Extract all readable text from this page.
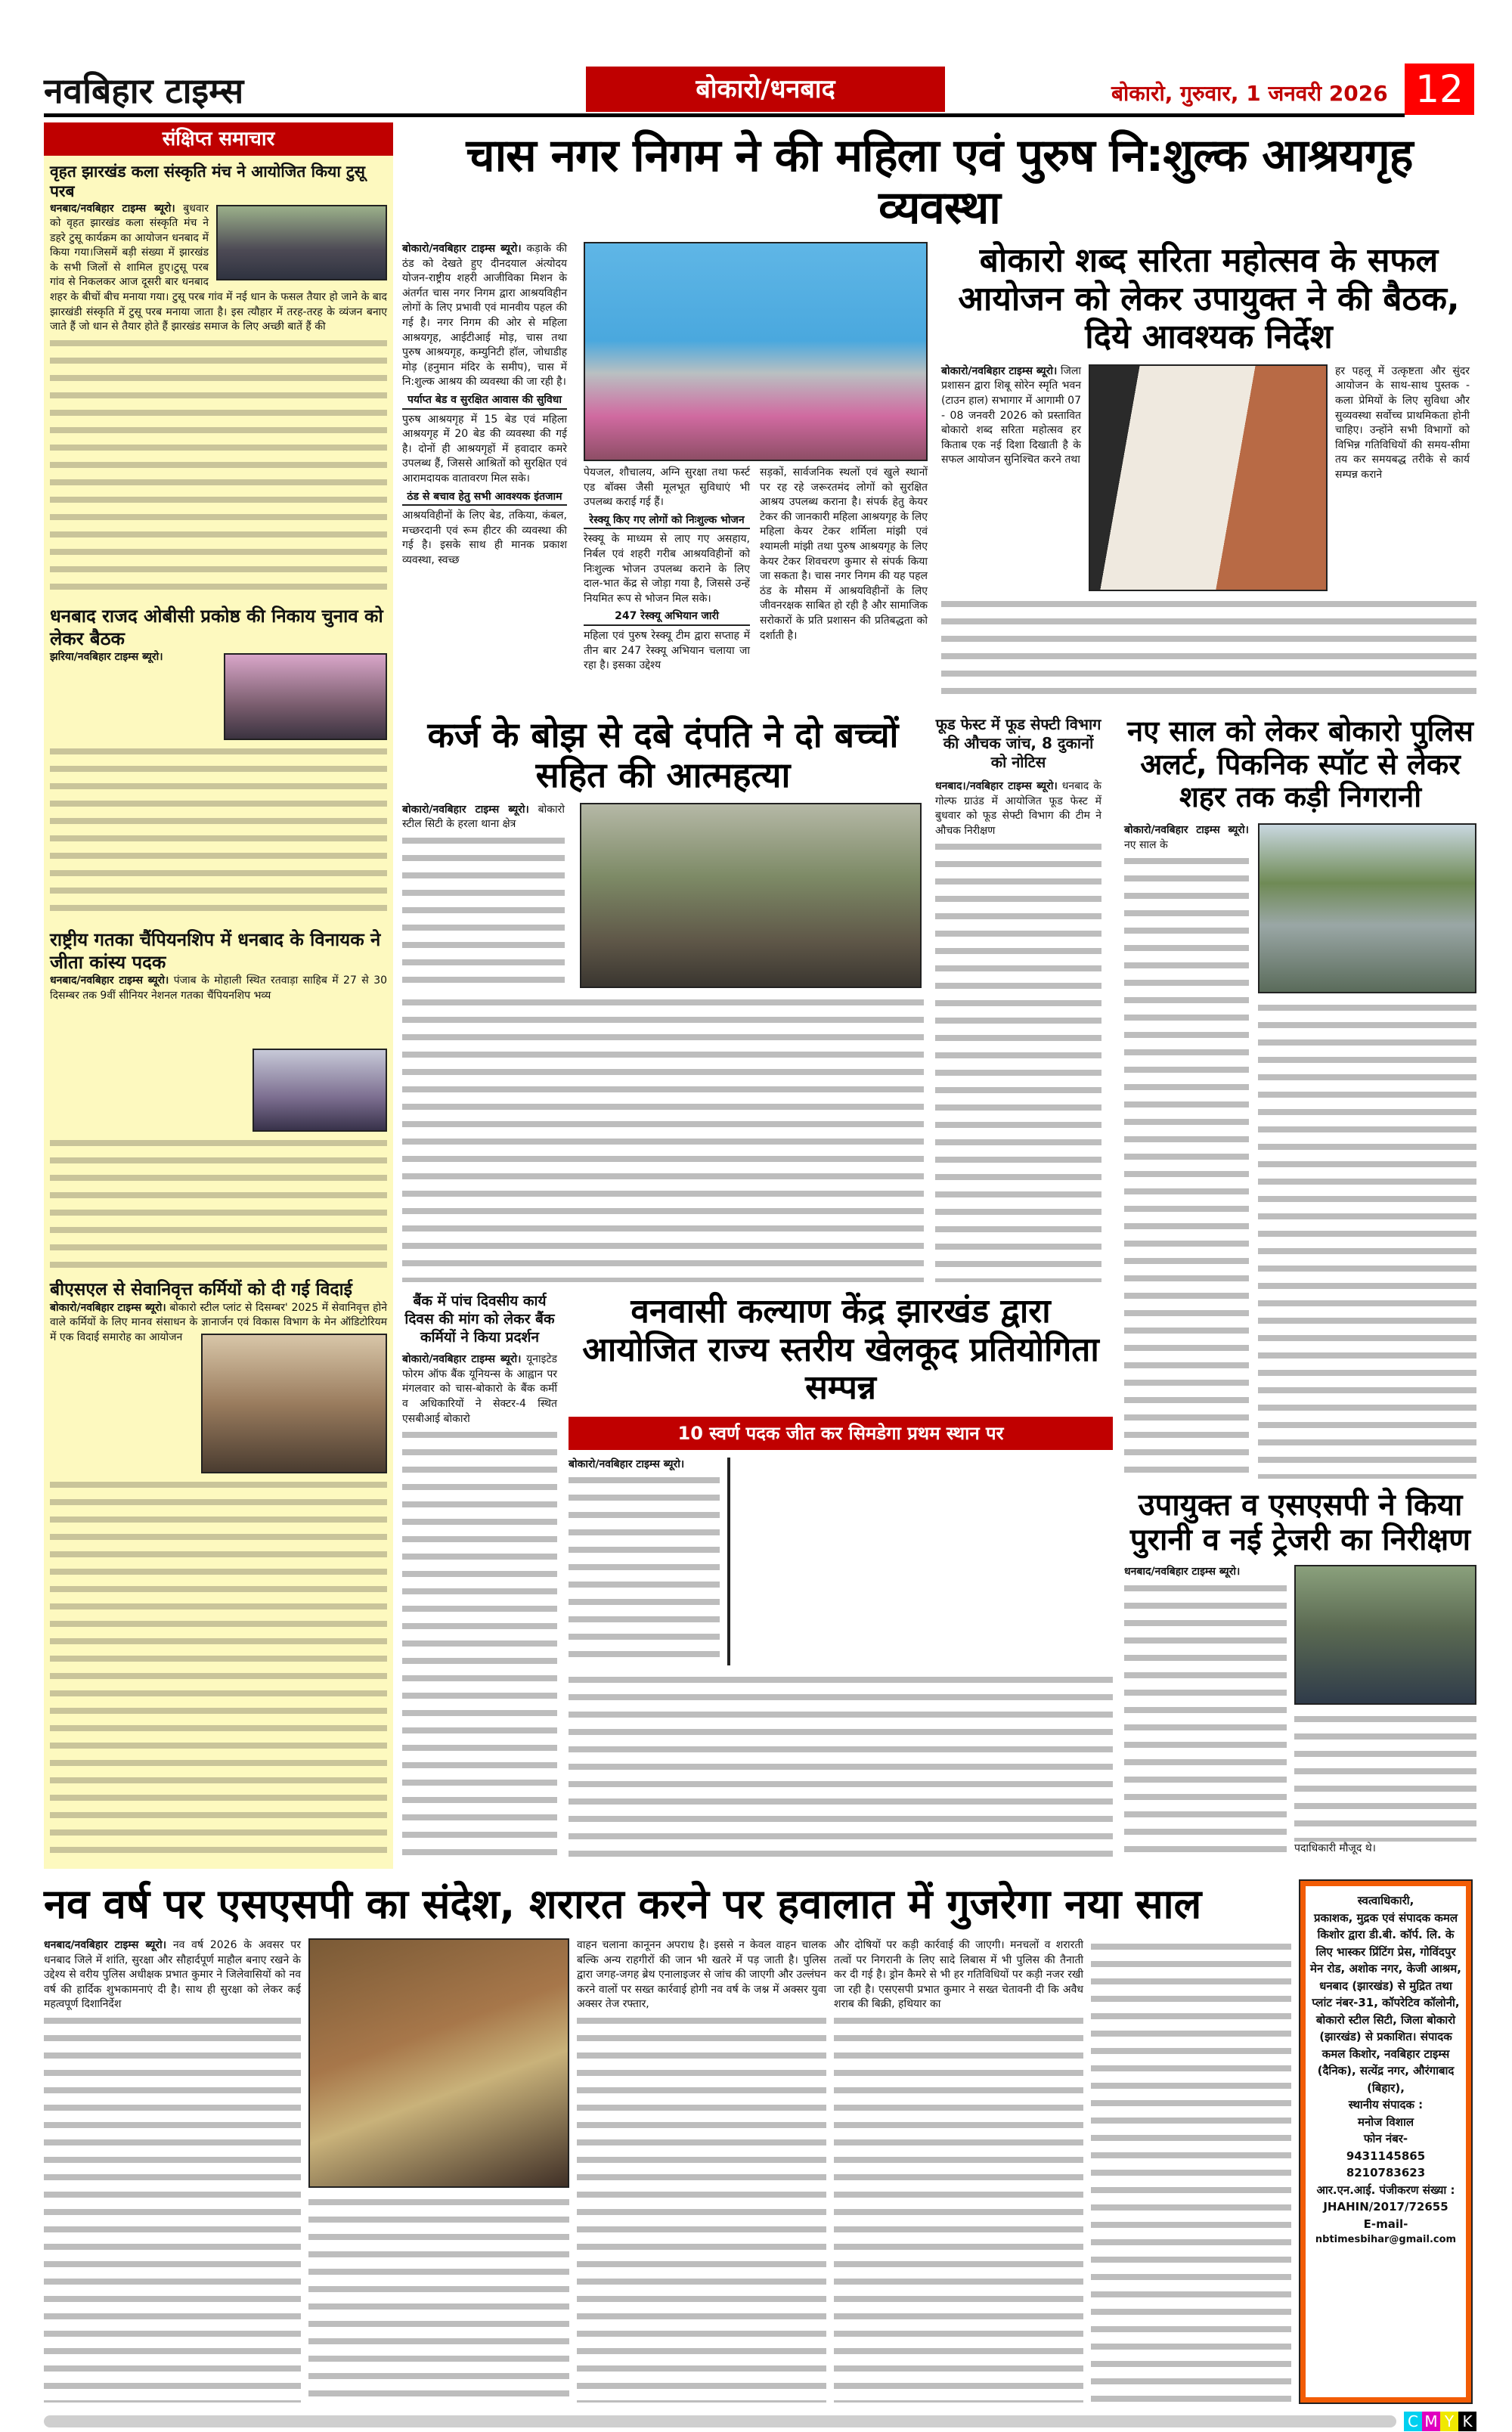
नवबिहार टाइम्स	बोकारो/धनबाद	बोकारो, गुरुवार, 1 जनवरी 2026 12
संक्षिप्त समाचार
वृहत झारखंड कला संस्कृति मंच ने आयोजित किया टुसू परब
धनबाद/नवबिहार टाइम्स ब्यूरो। बुधवार को वृहत झारखंड कला संस्कृति मंच ने डहरे टुसू कार्यक्रम का आयोजन धनबाद में किया गया।जिसमें बड़ी संख्या में झारखंड के सभी जिलों से शामिल हुए।टुसू परब गांव से निकलकर आज दूसरी बार धनबाद शहर के बीचों बीच मनाया गया। टुसू परब गांव में नई धान के फसल तैयार हो जाने के बाद झारखंडी संस्कृति में टुसू परब मनाया जाता है। इस त्यौहार में तरह-तरह के व्यंजन बनाए जाते हैं जो धान से तैयार होते हैं झारखंड समाज के लिए अच्छी बातें हैं की
धनबाद राजद ओबीसी प्रकोष्ठ की निकाय चुनाव को लेकर बैठक
झरिया/नवबिहार टाइम्स ब्यूरो।
राष्ट्रीय गतका चैंपियनशिप में धनबाद के विनायक ने जीता कांस्य पदक
धनबाद/नवबिहार टाइम्स ब्यूरो। पंजाब के मोहाली स्थित रतवाड़ा साहिब में 27 से 30 दिसम्बर तक 9वीं सीनियर नेशनल गतका चैंपियनशिप भव्य
बीएसएल से सेवानिवृत्त कर्मियों को दी गई विदाई
बोकारो/नवबिहार टाइम्स ब्यूरो। बोकारो स्टील प्लांट से दिसम्बर' 2025 में सेवानिवृत्त होने वाले कर्मियों के लिए मानव संसाधन के ज्ञानार्जन एवं विकास विभाग के मेन ऑडिटोरियम में एक विदाई समारोह का आयोजन
चास नगर निगम ने की महिला एवं पुरुष नि:शुल्क आश्रयगृह व्यवस्था
बोकारो/नवबिहार टाइम्स ब्यूरो। कड़ाके की ठंड को देखते हुए दीनदयाल अंत्योदय योजन-राष्ट्रीय शहरी आजीविका मिशन के अंतर्गत चास नगर निगम द्वारा आश्रयविहीन लोगों के लिए प्रभावी एवं मानवीय पहल की गई है। नगर निगम की ओर से महिला आश्रयगृह, आईटीआई मोड़, चास तथा पुरुष आश्रयगृह, कम्युनिटी हॉल, जोधाडीह मोड़ (हनुमान मंदिर के समीप), चास में नि:शुल्क आश्रय की व्यवस्था की जा रही है।
पर्याप्त बेड व सुरक्षित आवास की सुविधा
पुरुष आश्रयगृह में 15 बेड एवं महिला आश्रयगृह में 20 बेड की व्यवस्था की गई है। दोनों ही आश्रयगृहों में हवादार कमरे उपलब्ध हैं, जिससे आश्रितों को सुरक्षित एवं आरामदायक वातावरण मिल सके।
ठंड से बचाव हेतु सभी आवश्यक इंतजाम
आश्रयविहीनों के लिए बेड, तकिया, कंबल, मच्छरदानी एवं रूम हीटर की व्यवस्था की गई है। इसके साथ ही मानक प्रकाश व्यवस्था, स्वच्छ
पेयजल, शौचालय, अग्नि सुरक्षा तथा फर्स्ट एड बॉक्स जैसी मूलभूत सुविधाएं भी उपलब्ध कराई गई हैं।
रेस्क्यू किए गए लोगों को निःशुल्क भोजन
रेस्क्यू के माध्यम से लाए गए असहाय, निर्बल एवं शहरी गरीब आश्रयविहीनों को निःशुल्क भोजन उपलब्ध कराने के लिए दाल-भात केंद्र से जोड़ा गया है, जिससे उन्हें नियमित रूप से भोजन मिल सके।
247 रेस्क्यू अभियान जारी
महिला एवं पुरुष रेस्क्यू टीम द्वारा सप्ताह में तीन बार 247 रेस्क्यू अभियान चलाया जा रहा है। इसका उद्देश्य
सड़कों, सार्वजनिक स्थलों एवं खुले स्थानों पर रह रहे जरूरतमंद लोगों को सुरक्षित आश्रय उपलब्ध कराना है। संपर्क हेतु केयर टेकर की जानकारी महिला आश्रयगृह के लिए महिला केयर टेकर शर्मिला मांझी एवं श्यामली मांझी तथा पुरुष आश्रयगृह के लिए केयर टेकर शिवचरण कुमार से संपर्क किया जा सकता है। चास नगर निगम की यह पहल ठंड के मौसम में आश्रयविहीनों के लिए जीवनरक्षक साबित हो रही है और सामाजिक सरोकारों के प्रति प्रशासन की प्रतिबद्धता को दर्शाती है।
बोकारो शब्द सरिता महोत्सव के सफल आयोजन को लेकर उपायुक्त ने की बैठक, दिये आवश्यक निर्देश
बोकारो/नवबिहार टाइम्स ब्यूरो। जिला प्रशासन द्वारा शिबू सोरेन स्मृति भवन (टाउन हाल) सभागार में आगामी 07 - 08 जनवरी 2026 को प्रस्तावित बोकारो शब्द सरिता महोत्सव हर किताब एक नई दिशा दिखाती है के सफल आयोजन सुनिश्चित करने तथा
हर पहलू में उत्कृष्टता और सुंदर आयोजन के साथ-साथ पुस्तक - कला प्रेमियों के लिए सुविधा और सुव्यवस्था सर्वोच्च प्राथमिकता होनी चाहिए। उन्होंने सभी विभागों को विभिन्न गतिविधियों की समय-सीमा तय कर समयबद्ध तरीके से कार्य सम्पन्न कराने
कर्ज के बोझ से दबे दंपति ने दो बच्चों सहित की आत्महत्या
बोकारो/नवबिहार टाइम्स ब्यूरो। बोकारो स्टील सिटी के हरला थाना क्षेत्र
फूड फेस्ट में फूड सेफ्टी विभाग की औचक जांच, 8 दुकानों को नोटिस
धनबाद।/नवबिहार टाइम्स ब्यूरो। धनबाद के गोल्फ ग्राउंड में आयोजित फूड फेस्ट में बुधवार को फूड सेफ्टी विभाग की टीम ने औचक निरीक्षण
बैंक में पांच दिवसीय कार्य दिवस की मांग को लेकर बैंक कर्मियों ने किया प्रदर्शन
बोकारो/नवबिहार टाइम्स ब्यूरो। यूनाइटेड फोरम ऑफ बैंक यूनियन्स के आह्वान पर मंगलवार को चास-बोकारो के बैंक कर्मी व अधिकारियों ने सेक्टर-4 स्थित एसबीआई बोकारो
वनवासी कल्याण केंद्र झारखंड द्वारा आयोजित राज्य स्तरीय खेलकूद प्रतियोगिता सम्पन्न
10 स्वर्ण पदक जीत कर सिमडेगा प्रथम स्थान पर
बोकारो/नवबिहार टाइम्स ब्यूरो।
नए साल को लेकर बोकारो पुलिस अलर्ट, पिकनिक स्पॉट से लेकर शहर तक कड़ी निगरानी
बोकारो/नवबिहार टाइम्स ब्यूरो। नए साल के
उपायुक्त व एसएसपी ने किया पुरानी व नई ट्रेजरी का निरीक्षण
धनबाद/नवबिहार टाइम्स ब्यूरो।
पदाधिकारी मौजूद थे।
नव वर्ष पर एसएसपी का संदेश, शरारत करने पर हवालात में गुजरेगा नया साल
धनबाद/नवबिहार टाइम्स ब्यूरो। नव वर्ष 2026 के अवसर पर धनबाद जिले में शांति, सुरक्षा और सौहार्दपूर्ण माहौल बनाए रखने के उद्देश्य से वरीय पुलिस अधीक्षक प्रभात कुमार ने जिलेवासियों को नव वर्ष की हार्दिक शुभकामनाएं दी है। साथ ही सुरक्षा को लेकर कई महत्वपूर्ण दिशानिर्देश
वाहन चलाना कानूनन अपराध है। इससे न केवल वाहन चालक बल्कि अन्य राहगीरों की जान भी खतरे में पड़ जाती है। पुलिस द्वारा जगह-जगह ब्रेथ एनालाइजर से जांच की जाएगी और उल्लंघन करने वालों पर सख्त कार्रवाई होगी नव वर्ष के जश्न में अक्सर युवा अक्सर तेज रफ्तार,
और दोषियों पर कड़ी कार्रवाई की जाएगी। मनचलों व शरारती तत्वों पर निगरानी के लिए सादे लिबास में भी पुलिस की तैनाती कर दी गई है। ड्रोन कैमरे से भी हर गतिविधियों पर कड़ी नजर रखी जा रही है। एसएसपी प्रभात कुमार ने सख्त चेतावनी दी कि अवैध शराब की बिक्री, हथियार का
स्वत्वाधिकारी,
प्रकाशक, मुद्रक एवं संपादक कमल किशोर द्वारा डी.बी. कॉर्प. लि. के लिए भास्कर प्रिंटिंग प्रेस, गोविंदपुर मेन रोड, अशोक नगर, केजी आश्रम, धनबाद (झारखंड) से मुद्रित तथा प्लांट नंबर-31, कॉपरेटिव कॉलोनी, बोकारो स्टील सिटी, जिला बोकारो (झारखंड) से प्रकाशित। संपादक कमल किशोर, नवबिहार टाइम्स (दैनिक), सत्येंद्र नगर, औरंगाबाद (बिहार),
स्थानीय संपादक :
मनोज विशाल
फोन नंबर-
9431145865
8210783623
आर.एन.आई. पंजीकरण संख्या :
JHAHIN/2017/72655
E-mail-
nbtimesbihar@gmail.com
C M Y K
